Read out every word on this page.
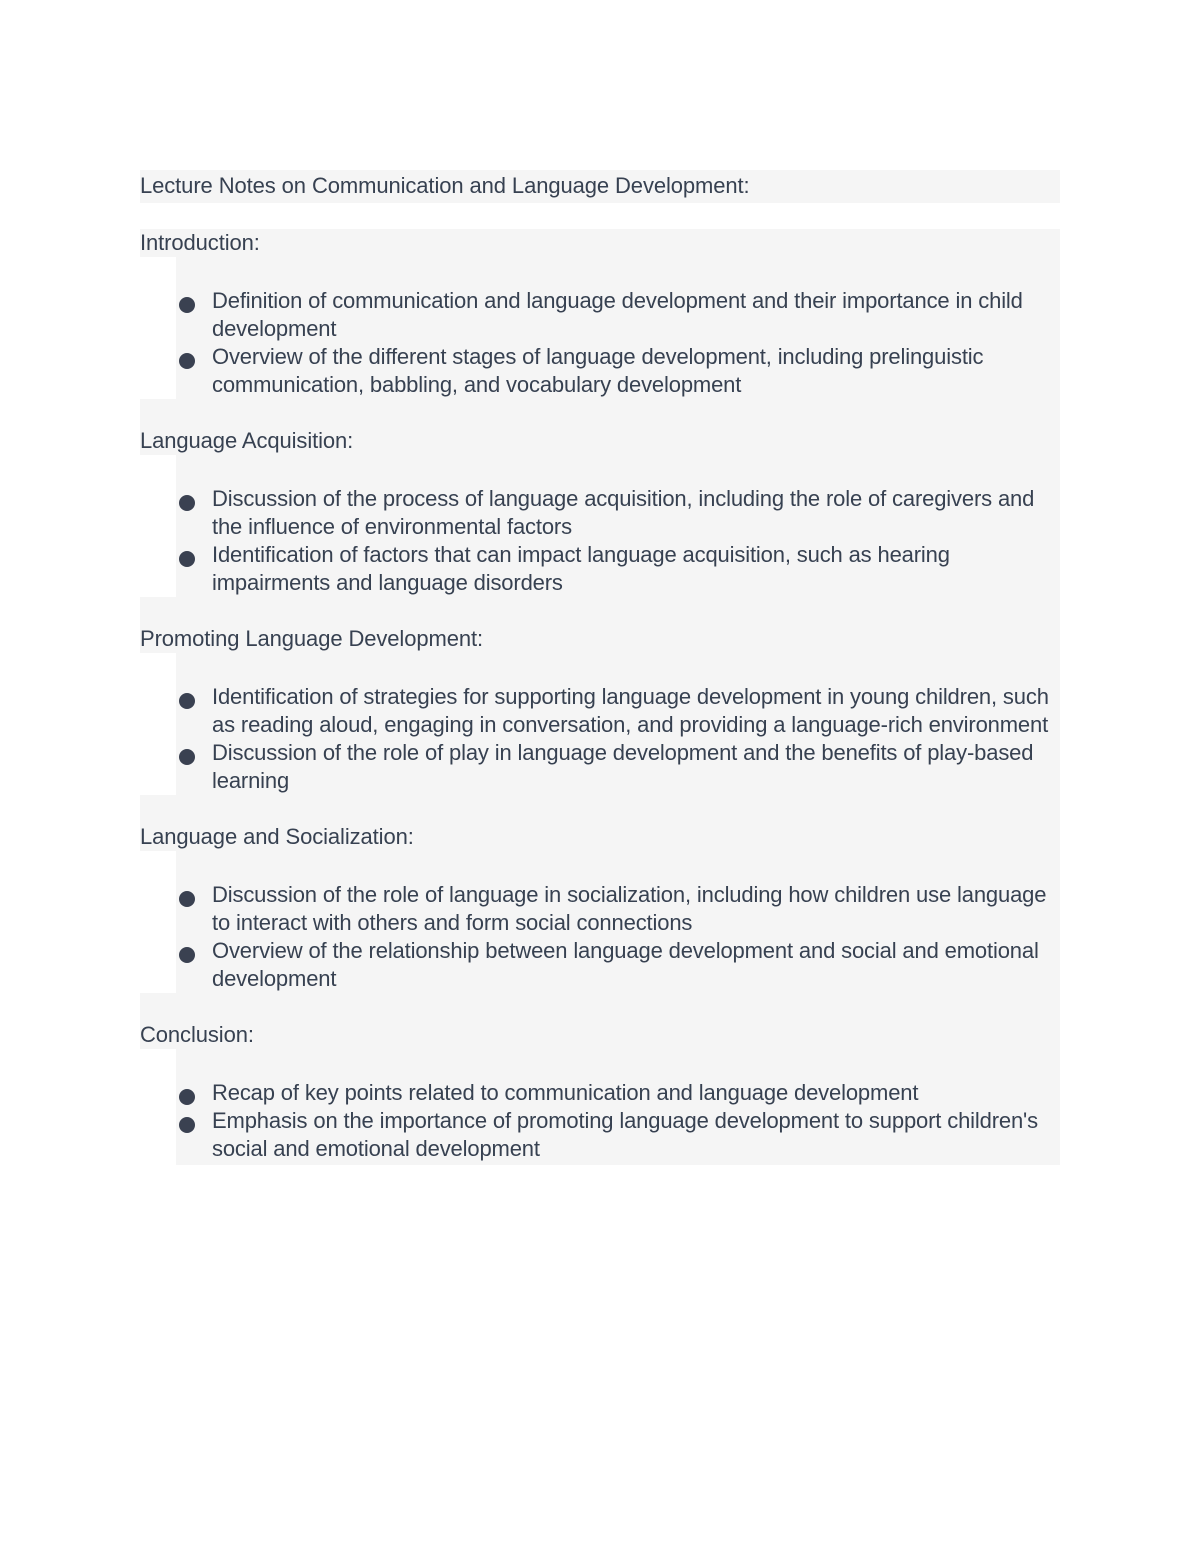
Lecture Notes on Communication and Language Development:
Introduction:
Definition of communication and language development and their importance in child development
Overview of the different stages of language development, including prelinguistic communication, babbling, and vocabulary development
Language Acquisition:
Discussion of the process of language acquisition, including the role of caregivers and the influence of environmental factors
Identification of factors that can impact language acquisition, such as hearing impairments and language disorders
Promoting Language Development:
Identification of strategies for supporting language development in young children, such as reading aloud, engaging in conversation, and providing a language-rich environment
Discussion of the role of play in language development and the benefits of play-based learning
Language and Socialization:
Discussion of the role of language in socialization, including how children use language to interact with others and form social connections
Overview of the relationship between language development and social and emotional development
Conclusion:
Recap of key points related to communication and language development
Emphasis on the importance of promoting language development to support children's social and emotional development
